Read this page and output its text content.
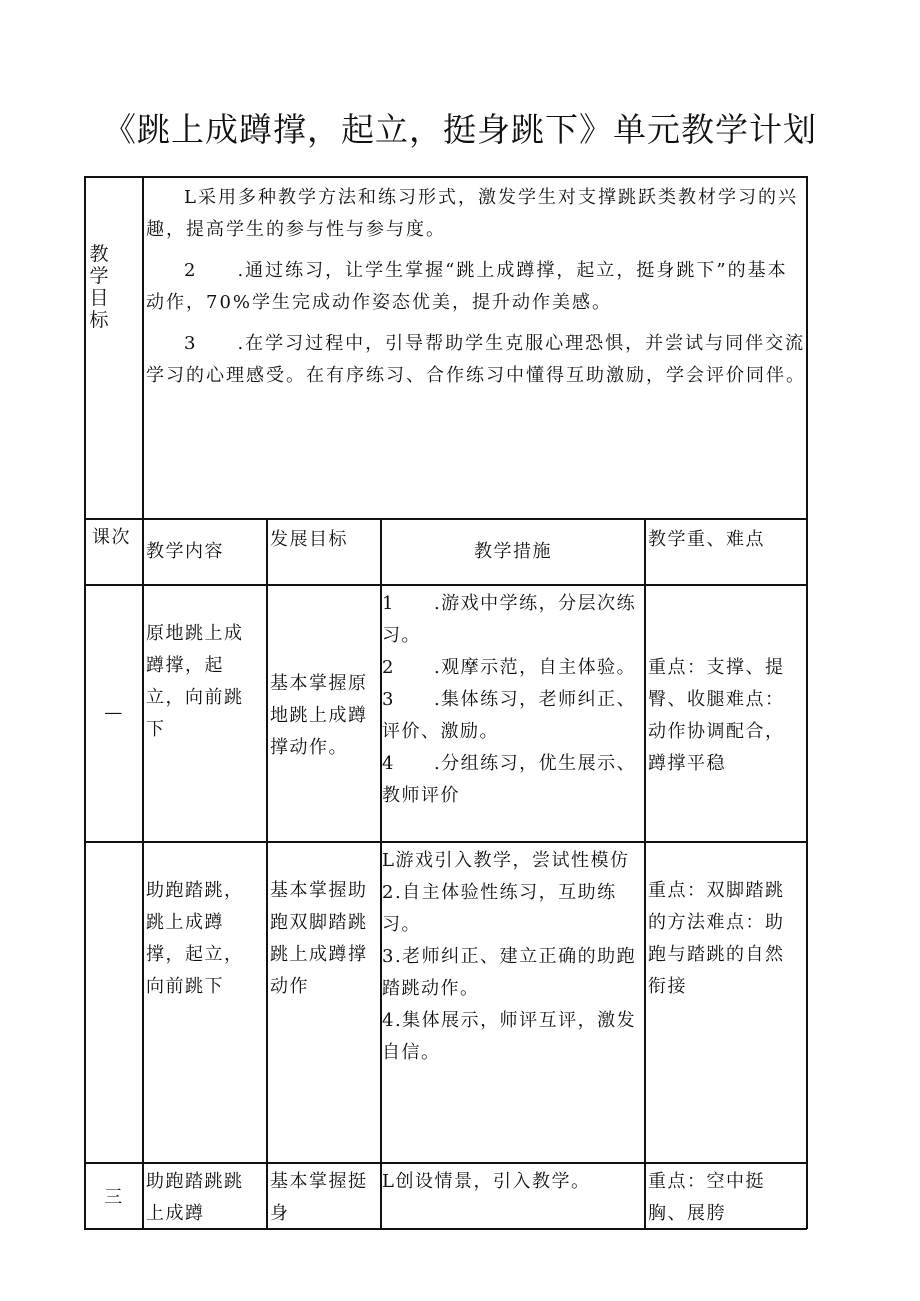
《跳上成蹲撑，起立，挺身跳下》单元教学计划
教
学
目
标

L采用多种教学方法和练习形式，激发学生对支撑跳跃类教材学习的兴趣，提高学生的参与性与参与度。

2　　.通过练习，让学生掌握“跳上成蹲撑，起立，挺身跳下”的基本动作，70%学生完成动作姿态优美，提升动作美感。

3　　.在学习过程中，引导帮助学生克服心理恐惧，并尝试与同伴交流学习的心理感受。在有序练习、合作练习中懂得互助激励，学会评价同伴。

课次
教学内容
发展目标
教学措施
教学重、难点
—
原地跳上成蹲撑，起立，向前跳下
基本掌握原地跳上成蹲撑动作。
1　　.游戏中学练，分层次练习。
2　　.观摩示范，自主体验。
3　　.集体练习，老师纠正、评价、激励。
4　　.分组练习，优生展示、教师评价
重点：支撑、提臀、收腿难点：动作协调配合，蹲撑平稳
助跑踏跳，跳上成蹲撑，起立，向前跳下
基本掌握助跑双脚踏跳跳上成蹲撑动作
L游戏引入教学，尝试性模仿
2.自主体验性练习，互助练习。
3.老师纠正、建立正确的助跑踏跳动作。
4.集体展示，师评互评，激发自信。
重点：双脚踏跳的方法难点：助跑与踏跳的自然衔接
三
助跑踏跳跳上成蹲
基本掌握挺身
L创设情景，引入教学。	重点：空中挺胸、展胯
